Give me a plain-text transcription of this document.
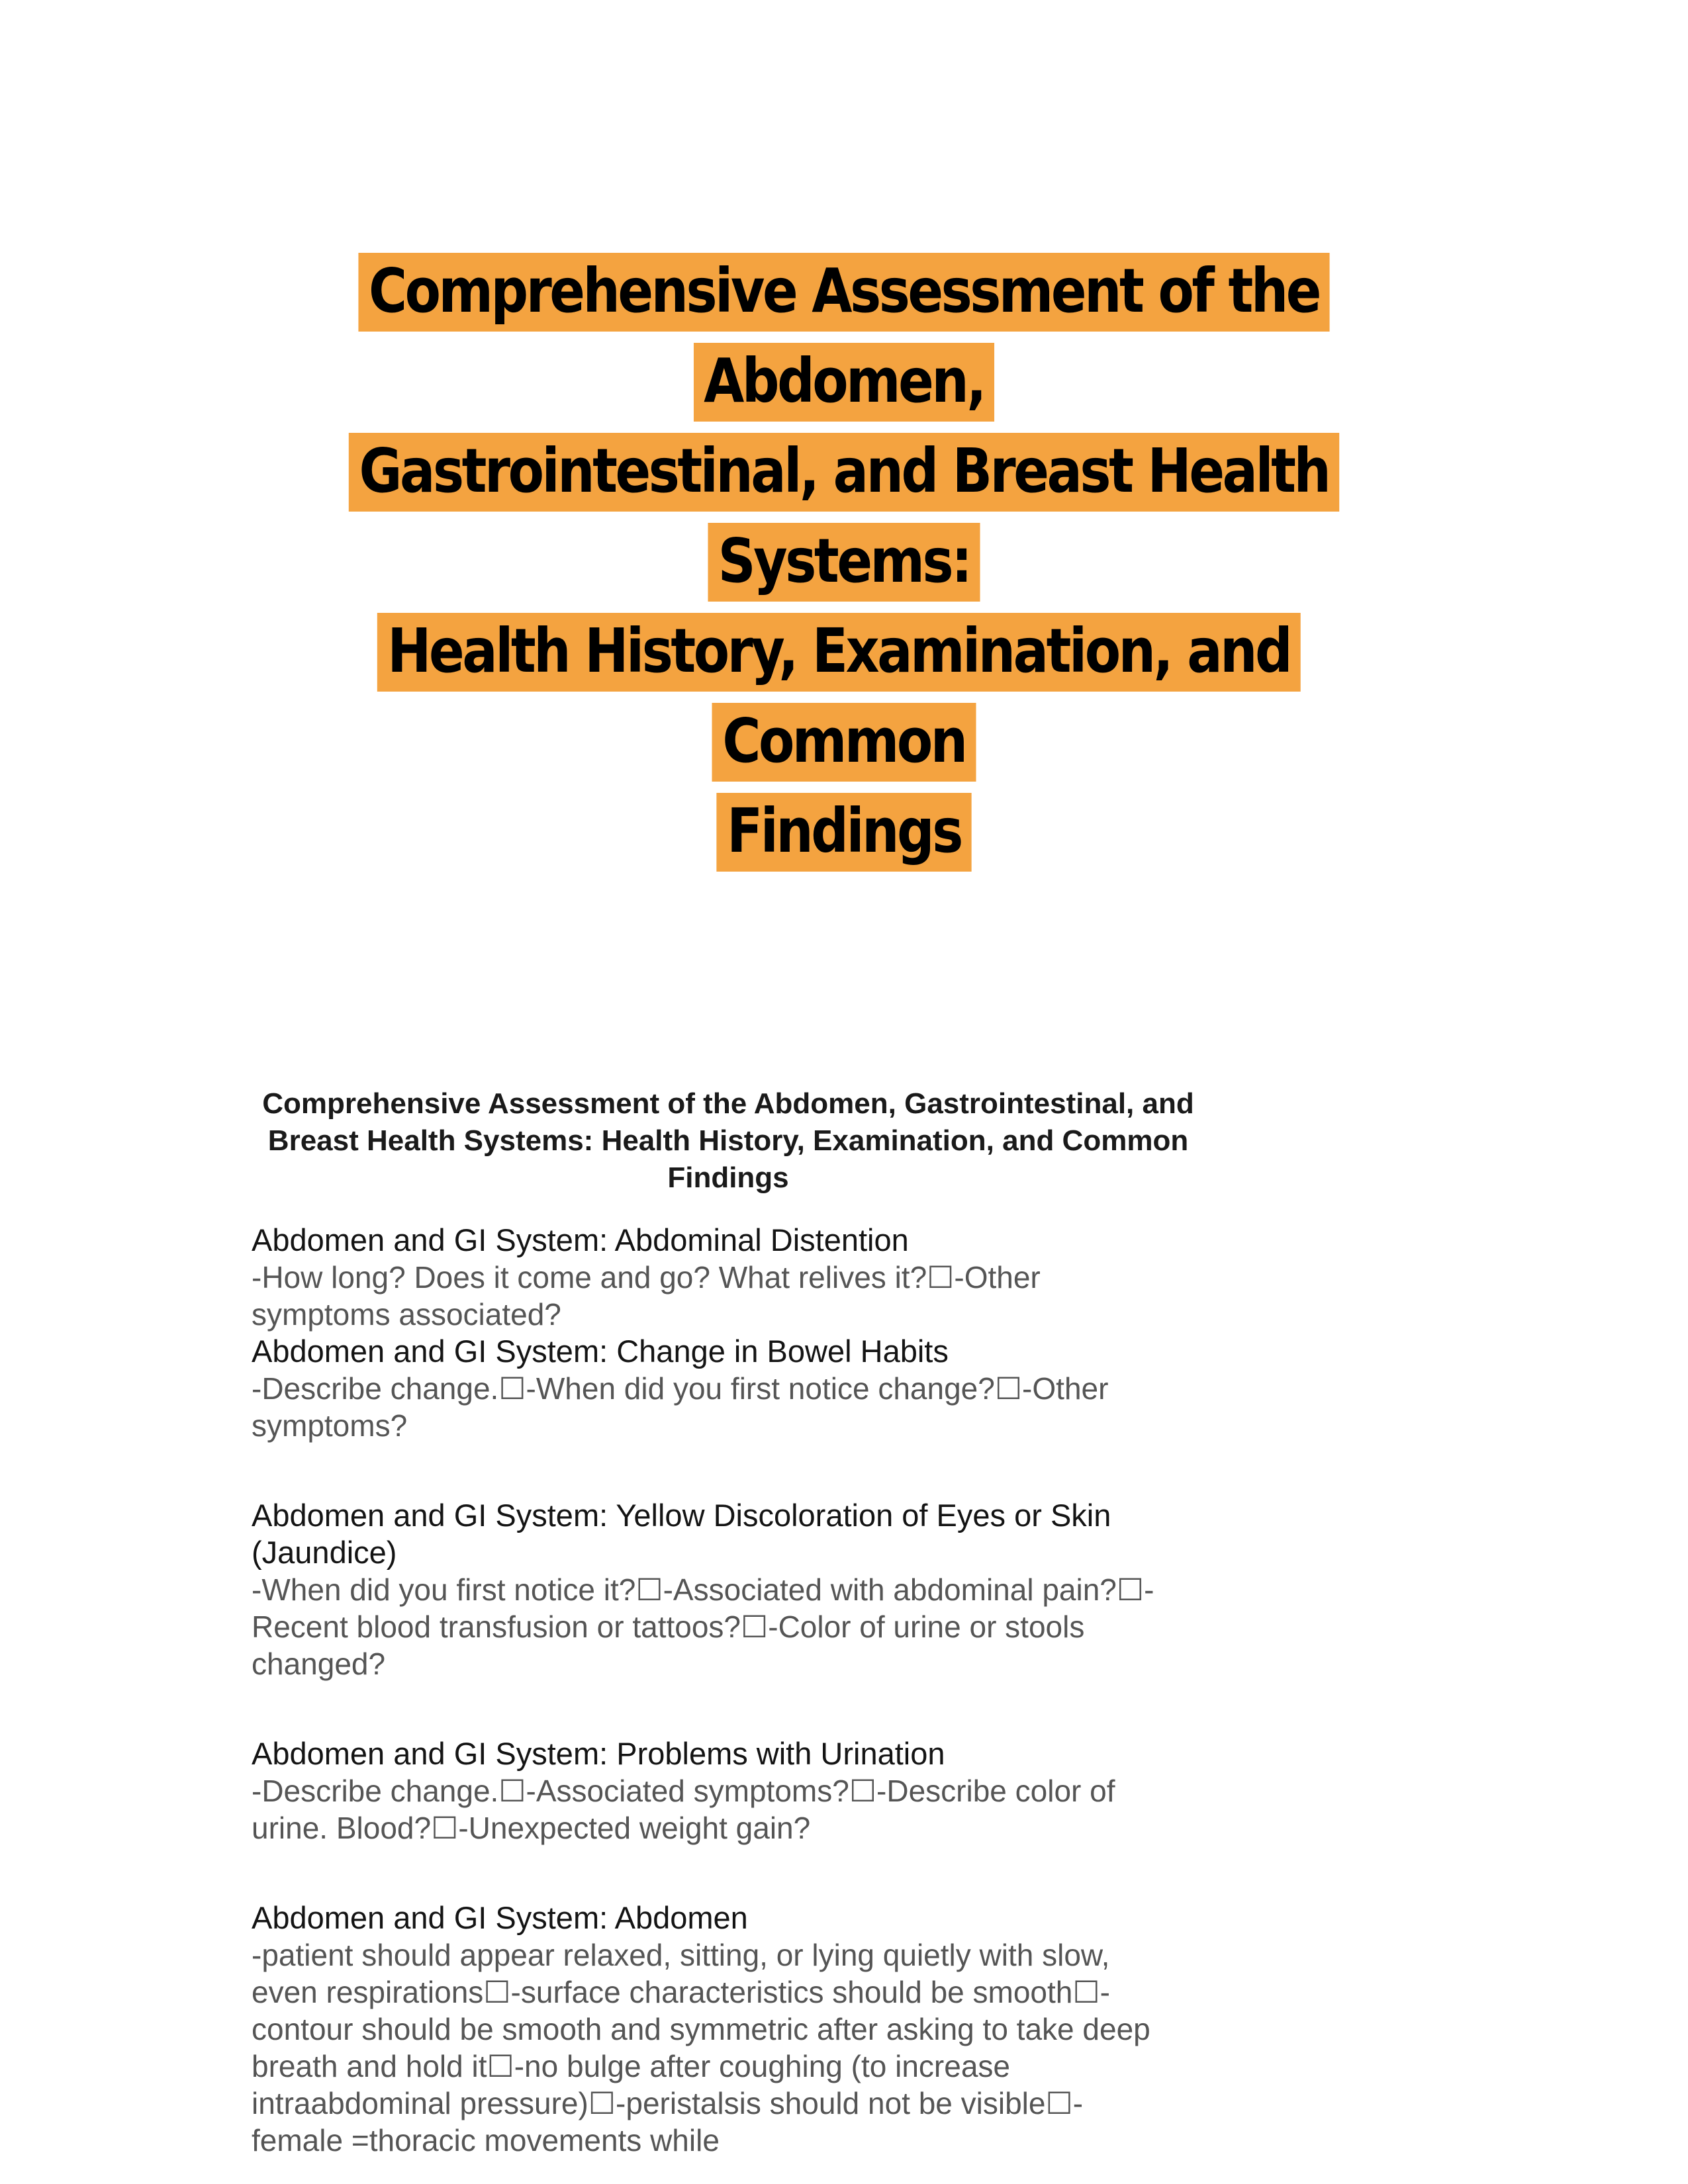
Comprehensive Assessment of the Abdomen,
Gastrointestinal, and Breast Health Systems:
Health History, Examination, and Common
Findings
Comprehensive Assessment of the Abdomen, Gastrointestinal, and Breast Health Systems: Health History, Examination, and Common Findings

Abdomen and GI System: Abdominal Distention

-How long? Does it come and go? What relives it?☐-Other symptoms associated?

Abdomen and GI System: Change in Bowel Habits

-Describe change.☐-When did you first notice change?☐-Other symptoms?

Abdomen and GI System: Yellow Discoloration of Eyes or Skin (Jaundice)

-When did you first notice it?☐-Associated with abdominal pain?☐-Recent blood transfusion or tattoos?☐-Color of urine or stools changed?

Abdomen and GI System: Problems with Urination

-Describe change.☐-Associated symptoms?☐-Describe color of urine. Blood?☐-Unexpected weight gain?

Abdomen and GI System: Abdomen

-patient should appear relaxed, sitting, or lying quietly with slow, even respirations☐-surface characteristics should be smooth☐-contour should be smooth and symmetric after asking to take deep breath and hold it☐-no bulge after coughing (to increase intraabdominal pressure)☐-peristalsis should not be visible☐-female =thoracic movements while
